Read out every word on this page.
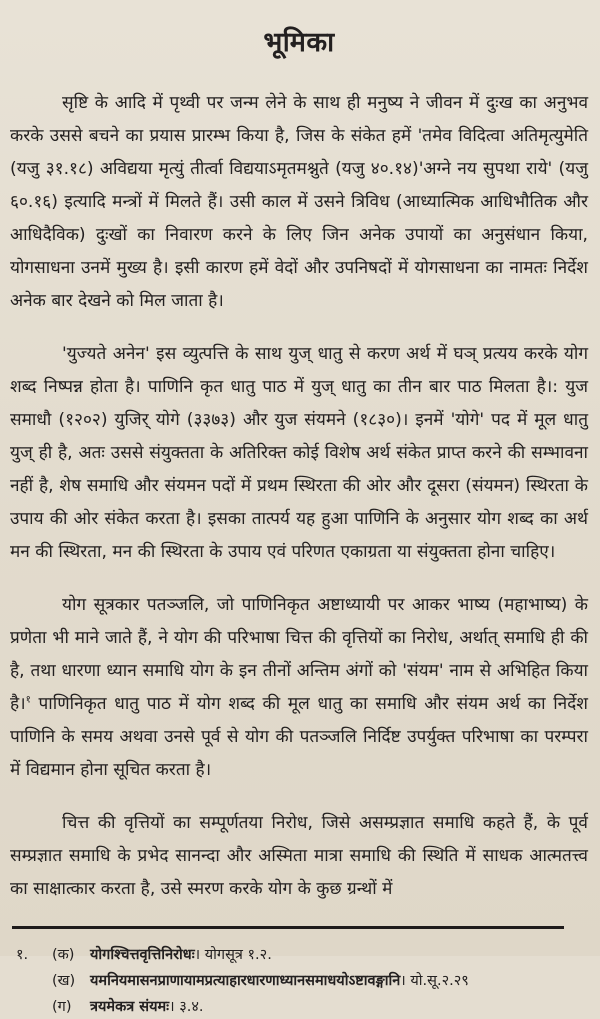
भूमिका

सृष्टि के आदि में पृथ्वी पर जन्म लेने के साथ ही मनुष्य ने जीवन में दुःख का अनुभव करके उससे बचने का प्रयास प्रारम्भ किया है, जिस के संकेत हमें 'तमेव विदित्वा अतिमृत्युमेति (यजु ३१.१८) अविद्यया मृत्युं तीर्त्वा विद्ययाऽमृतमश्नुते (यजु ४०.१४)'अग्ने नय सुपथा राये' (यजु ६०.१६) इत्यादि मन्त्रों में मिलते हैं। उसी काल में उसने त्रिविध (आध्यात्मिक आधिभौतिक और आधिदैविक) दुःखों का निवारण करने के लिए जिन अनेक उपायों का अनुसंधान किया, योगसाधना उनमें मुख्य है। इसी कारण हमें वेदों और उपनिषदों में योगसाधना का नामतः निर्देश अनेक बार देखने को मिल जाता है।

'युज्यते अनेन' इस व्युत्पत्ति के साथ युज् धातु से करण अर्थ में घञ् प्रत्यय करके योग शब्द निष्पन्न होता है। पाणिनि कृत धातु पाठ में युज् धातु का तीन बार पाठ मिलता है।: युज समाधौ (१२०२) युजिर् योगे (३३७३) और युज संयमने (१८३०)। इनमें 'योगे' पद में मूल धातु युज् ही है, अतः उससे संयुक्तता के अतिरिक्त कोई विशेष अर्थ संकेत प्राप्त करने की सम्भावना नहीं है, शेष समाधि और संयमन पदों में प्रथम स्थिरता की ओर और दूसरा (संयमन) स्थिरता के उपाय की ओर संकेत करता है। इसका तात्पर्य यह हुआ पाणिनि के अनुसार योग शब्द का अर्थ मन की स्थिरता, मन की स्थिरता के उपाय एवं परिणत एकाग्रता या संयुक्तता होना चाहिए।

योग सूत्रकार पतञ्जलि, जो पाणिनिकृत अष्टाध्यायी पर आकर भाष्य (महाभाष्य) के प्रणेता भी माने जाते हैं, ने योग की परिभाषा चित्त की वृत्तियों का निरोध, अर्थात् समाधि ही की है, तथा धारणा ध्यान समाधि योग के इन तीनों अन्तिम अंगों को 'संयम' नाम से अभिहित किया है।$^१$ पाणिनिकृत धातु पाठ में योग शब्द की मूल धातु का समाधि और संयम अर्थ का निर्देश पाणिनि के समय अथवा उनसे पूर्व से योग की पतञ्जलि निर्दिष्ट उपर्युक्त परिभाषा का परम्परा में विद्यमान होना सूचित करता है।

चित्त की वृत्तियों का सम्पूर्णतया निरोध, जिसे असम्प्रज्ञात समाधि कहते हैं, के पूर्व सम्प्रज्ञात समाधि के प्रभेद सानन्दा और अस्मिता मात्रा समाधि की स्थिति में साधक आत्मतत्त्व का साक्षात्कार करता है, उसे स्मरण करके योग के कुछ ग्रन्थों में

१.	(क)	योगश्चित्तवृत्तिनिरोधः। योगसूत्र १.२.
(ख)	यमनियमासनप्राणायामप्रत्याहारधारणाध्यानसमाधयोऽष्टावङ्गानि। यो.सू.२.२९
(ग)	त्रयमेकत्र संयमः। ३.४.
